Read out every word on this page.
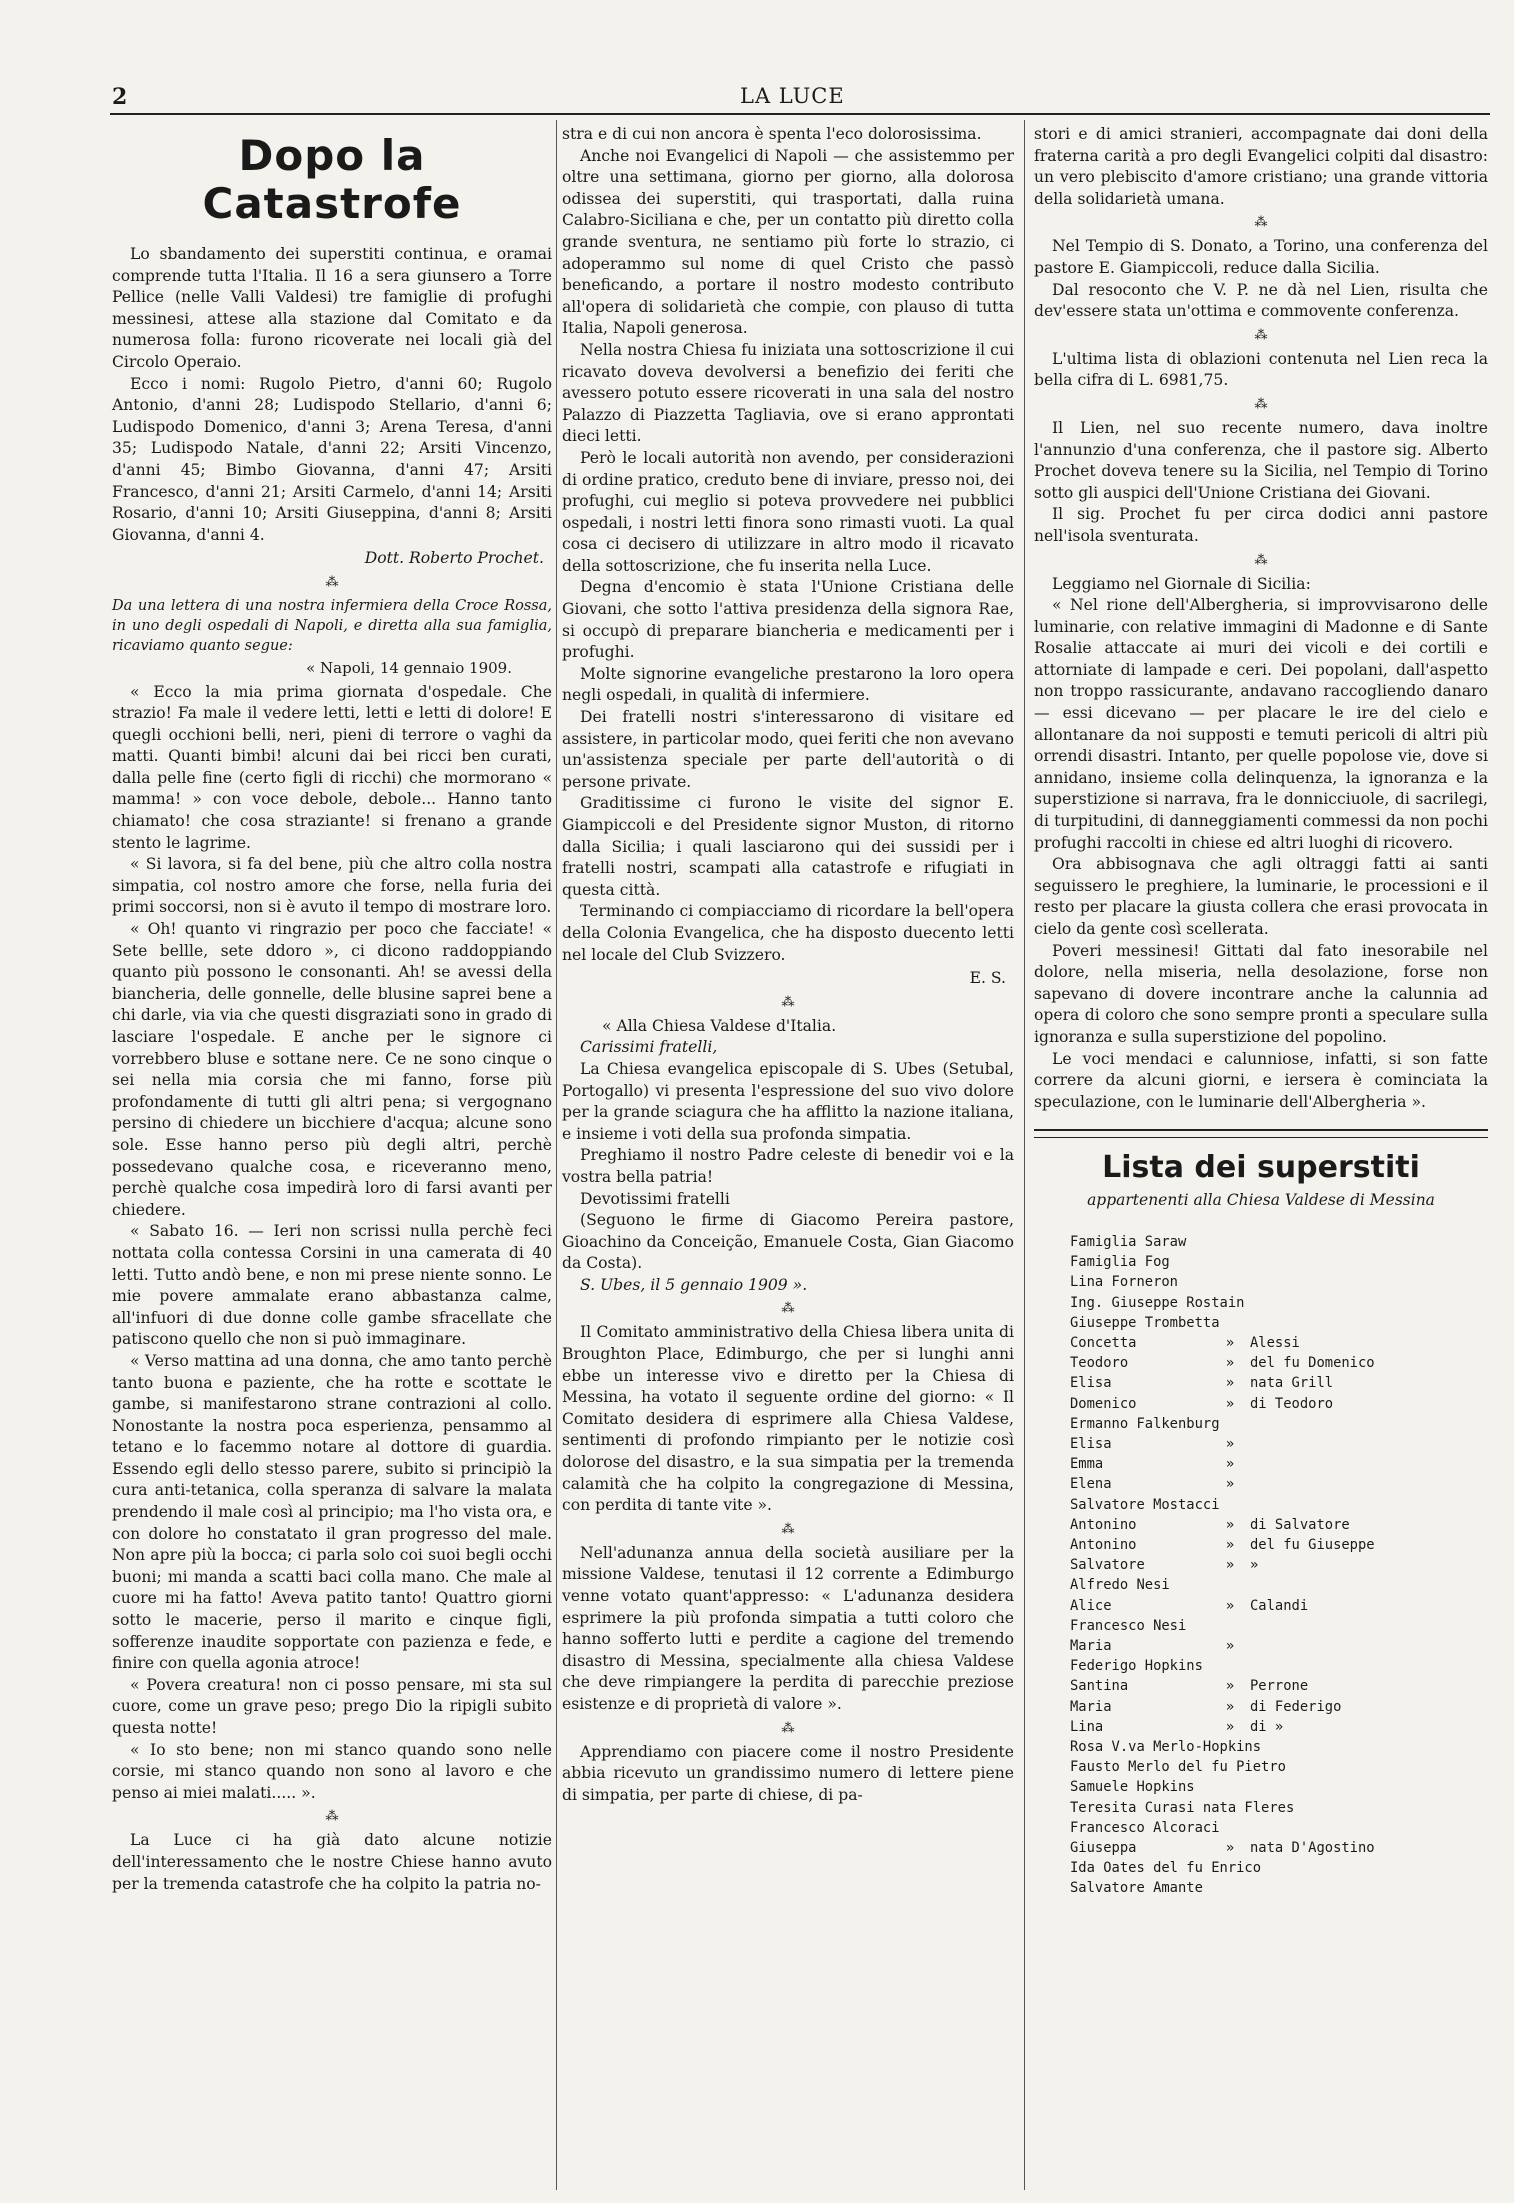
2	LA LUCE
Dopo la Catastrofe

Lo sbandamento dei superstiti continua, e oramai comprende tutta l'Italia. Il 16 a sera giunsero a Torre Pellice (nelle Valli Valdesi) tre famiglie di profughi messinesi, attese alla stazione dal Comitato e da numerosa folla: furono ricoverate nei locali già del Circolo Operaio.

Ecco i nomi: Rugolo Pietro, d'anni 60; Rugolo Antonio, d'anni 28; Ludispodo Stellario, d'anni 6; Ludispodo Domenico, d'anni 3; Arena Teresa, d'anni 35; Ludispodo Natale, d'anni 22; Arsiti Vincenzo, d'anni 45; Bimbo Giovanna, d'anni 47; Arsiti Francesco, d'anni 21; Arsiti Carmelo, d'anni 14; Arsiti Rosario, d'anni 10; Arsiti Giuseppina, d'anni 8; Arsiti Giovanna, d'anni 4.

Dott. Roberto Prochet.
⁂

Da una lettera di una nostra infermiera della Croce Rossa, in uno degli ospedali di Napoli, e diretta alla sua famiglia, ricaviamo quanto segue:

« Napoli, 14 gennaio 1909.

« Ecco la mia prima giornata d'ospedale. Che strazio! Fa male il vedere letti, letti e letti di dolore! E quegli occhioni belli, neri, pieni di terrore o vaghi da matti. Quanti bimbi! alcuni dai bei ricci ben curati, dalla pelle fine (certo figli di ricchi) che mormorano « mamma! » con voce debole, debole... Hanno tanto chiamato! che cosa straziante! si frenano a grande stento le lagrime.

« Si lavora, si fa del bene, più che altro colla nostra simpatia, col nostro amore che forse, nella furia dei primi soccorsi, non si è avuto il tempo di mostrare loro.

« Oh! quanto vi ringrazio per poco che facciate! « Sete bellle, sete ddoro », ci dicono raddoppiando quanto più possono le consonanti. Ah! se avessi della biancheria, delle gonnelle, delle blusine saprei bene a chi darle, via via che questi disgraziati sono in grado di lasciare l'ospedale. E anche per le signore ci vorrebbero bluse e sottane nere. Ce ne sono cinque o sei nella mia corsia che mi fanno, forse più profondamente di tutti gli altri pena; si vergognano persino di chiedere un bicchiere d'acqua; alcune sono sole. Esse hanno perso più degli altri, perchè possedevano qualche cosa, e riceveranno meno, perchè qualche cosa impedirà loro di farsi avanti per chiedere.

« Sabato 16. — Ieri non scrissi nulla perchè feci nottata colla contessa Corsini in una camerata di 40 letti. Tutto andò bene, e non mi prese niente sonno. Le mie povere ammalate erano abbastanza calme, all'infuori di due donne colle gambe sfracellate che patiscono quello che non si può immaginare.

« Verso mattina ad una donna, che amo tanto perchè tanto buona e paziente, che ha rotte e scottate le gambe, si manifestarono strane contrazioni al collo. Nonostante la nostra poca esperienza, pensammo al tetano e lo facemmo notare al dottore di guardia. Essendo egli dello stesso parere, subito si principiò la cura anti-tetanica, colla speranza di salvare la malata prendendo il male così al principio; ma l'ho vista ora, e con dolore ho constatato il gran progresso del male. Non apre più la bocca; ci parla solo coi suoi begli occhi buoni; mi manda a scatti baci colla mano. Che male al cuore mi ha fatto! Aveva patito tanto! Quattro giorni sotto le macerie, perso il marito e cinque figli, sofferenze inaudite sopportate con pazienza e fede, e finire con quella agonia atroce!

« Povera creatura! non ci posso pensare, mi sta sul cuore, come un grave peso; prego Dio la ripigli subito questa notte!

« Io sto bene; non mi stanco quando sono nelle corsie, mi stanco quando non sono al lavoro e che penso ai miei malati..... ».

⁂

La Luce ci ha già dato alcune notizie dell'interessamento che le nostre Chiese hanno avuto per la tremenda catastrofe che ha colpito la patria no-

stra e di cui non ancora è spenta l'eco dolorosissima.

Anche noi Evangelici di Napoli — che assistemmo per oltre una settimana, giorno per giorno, alla dolorosa odissea dei superstiti, qui trasportati, dalla ruina Calabro-Siciliana e che, per un contatto più diretto colla grande sventura, ne sentiamo più forte lo strazio, ci adoperammo sul nome di quel Cristo che passò beneficando, a portare il nostro modesto contributo all'opera di solidarietà che compie, con plauso di tutta Italia, Napoli generosa.

Nella nostra Chiesa fu iniziata una sottoscrizione il cui ricavato doveva devolversi a benefizio dei feriti che avessero potuto essere ricoverati in una sala del nostro Palazzo di Piazzetta Tagliavia, ove si erano approntati dieci letti.

Però le locali autorità non avendo, per considerazioni di ordine pratico, creduto bene di inviare, presso noi, dei profughi, cui meglio si poteva provvedere nei pubblici ospedali, i nostri letti finora sono rimasti vuoti. La qual cosa ci decisero di utilizzare in altro modo il ricavato della sottoscrizione, che fu inserita nella Luce.

Degna d'encomio è stata l'Unione Cristiana delle Giovani, che sotto l'attiva presidenza della signora Rae, si occupò di preparare biancheria e medicamenti per i profughi.

Molte signorine evangeliche prestarono la loro opera negli ospedali, in qualità di infermiere.

Dei fratelli nostri s'interessarono di visitare ed assistere, in particolar modo, quei feriti che non avevano un'assistenza speciale per parte dell'autorità o di persone private.

Graditissime ci furono le visite del signor E. Giampiccoli e del Presidente signor Muston, di ritorno dalla Sicilia; i quali lasciarono qui dei sussidi per i fratelli nostri, scampati alla catastrofe e rifugiati in questa città.

Terminando ci compiacciamo di ricordare la bell'opera della Colonia Evangelica, che ha disposto duecento letti nel locale del Club Svizzero.

E. S.
⁂

« Alla Chiesa Valdese d'Italia.

Carissimi fratelli,

La Chiesa evangelica episcopale di S. Ubes (Setubal, Portogallo) vi presenta l'espressione del suo vivo dolore per la grande sciagura che ha afflitto la nazione italiana, e insieme i voti della sua profonda simpatia.

Preghiamo il nostro Padre celeste di benedir voi e la vostra bella patria!

Devotissimi fratelli

(Seguono le firme di Giacomo Pereira pastore, Gioachino da Conceição, Emanuele Costa, Gian Giacomo da Costa).

S. Ubes, il 5 gennaio 1909 ».

⁂

Il Comitato amministrativo della Chiesa libera unita di Broughton Place, Edimburgo, che per si lunghi anni ebbe un interesse vivo e diretto per la Chiesa di Messina, ha votato il seguente ordine del giorno: « Il Comitato desidera di esprimere alla Chiesa Valdese, sentimenti di profondo rimpianto per le notizie così dolorose del disastro, e la sua simpatia per la tremenda calamità che ha colpito la congregazione di Messina, con perdita di tante vite ».

⁂

Nell'adunanza annua della società ausiliare per la missione Valdese, tenutasi il 12 corrente a Edimburgo venne votato quant'appresso: « L'adunanza desidera esprimere la più profonda simpatia a tutti coloro che hanno sofferto lutti e perdite a cagione del tremendo disastro di Messina, specialmente alla chiesa Valdese che deve rimpiangere la perdita di parecchie preziose esistenze e di proprietà di valore ».

⁂

Apprendiamo con piacere come il nostro Presidente abbia ricevuto un grandissimo numero di lettere piene di simpatia, per parte di chiese, di pa-

stori e di amici stranieri, accompagnate dai doni della fraterna carità a pro degli Evangelici colpiti dal disastro: un vero plebiscito d'amore cristiano; una grande vittoria della solidarietà umana.

⁂

Nel Tempio di S. Donato, a Torino, una conferenza del pastore E. Giampiccoli, reduce dalla Sicilia.

Dal resoconto che V. P. ne dà nel Lien, risulta che dev'essere stata un'ottima e commovente conferenza.

⁂

L'ultima lista di oblazioni contenuta nel Lien reca la bella cifra di L. 6981,75.

⁂

Il Lien, nel suo recente numero, dava inoltre l'annunzio d'una conferenza, che il pastore sig. Alberto Prochet doveva tenere su la Sicilia, nel Tempio di Torino sotto gli auspici dell'Unione Cristiana dei Giovani.

Il sig. Prochet fu per circa dodici anni pastore nell'isola sventurata.

⁂

Leggiamo nel Giornale di Sicilia:

« Nel rione dell'Albergheria, si improvvisarono delle luminarie, con relative immagini di Madonne e di Sante Rosalie attaccate ai muri dei vicoli e dei cortili e attorniate di lampade e ceri. Dei popolani, dall'aspetto non troppo rassicurante, andavano raccogliendo danaro — essi dicevano — per placare le ire del cielo e allontanare da noi supposti e temuti pericoli di altri più orrendi disastri. Intanto, per quelle popolose vie, dove si annidano, insieme colla delinquenza, la ignoranza e la superstizione si narrava, fra le donnicciuole, di sacrilegi, di turpitudini, di danneggiamenti commessi da non pochi profughi raccolti in chiese ed altri luoghi di ricovero.

Ora abbisognava che agli oltraggi fatti ai santi seguissero le preghiere, la luminarie, le processioni e il resto per placare la giusta collera che erasi provocata in cielo da gente così scellerata.

Poveri messinesi! Gittati dal fato inesorabile nel dolore, nella miseria, nella desolazione, forse non sapevano di dovere incontrare anche la calunnia ad opera di coloro che sono sempre pronti a speculare sulla ignoranza e sulla superstizione del popolino.

Le voci mendaci e calunniose, infatti, si son fatte correre da alcuni giorni, e iersera è cominciata la speculazione, con le luminarie dell'Albergheria ».

Lista dei superstiti
appartenenti alla Chiesa Valdese di Messina
Famiglia Saraw
Famiglia Fog
Lina Forneron
Ing. Giuseppe Rostain
Giuseppe Trombetta
Concetta	»	Alessi
Teodoro	»	del fu Domenico
Elisa	»	nata Grill
Domenico	»	di Teodoro
Ermanno Falkenburg
Elisa	»
Emma	»
Elena	»
Salvatore Mostacci
Antonino	»	di Salvatore
Antonino	»	del fu Giuseppe
Salvatore	»	»
Alfredo Nesi
Alice	»	Calandi
Francesco Nesi
Maria	»
Federigo Hopkins
Santina	»	Perrone
Maria	»	di Federigo
Lina	»	di »
Rosa V.va Merlo-Hopkins
Fausto Merlo del fu Pietro
Samuele Hopkins
Teresita Curasi nata Fleres
Francesco Alcoraci
Giuseppa	»	nata D'Agostino
Ida Oates del fu Enrico
Salvatore Amante
